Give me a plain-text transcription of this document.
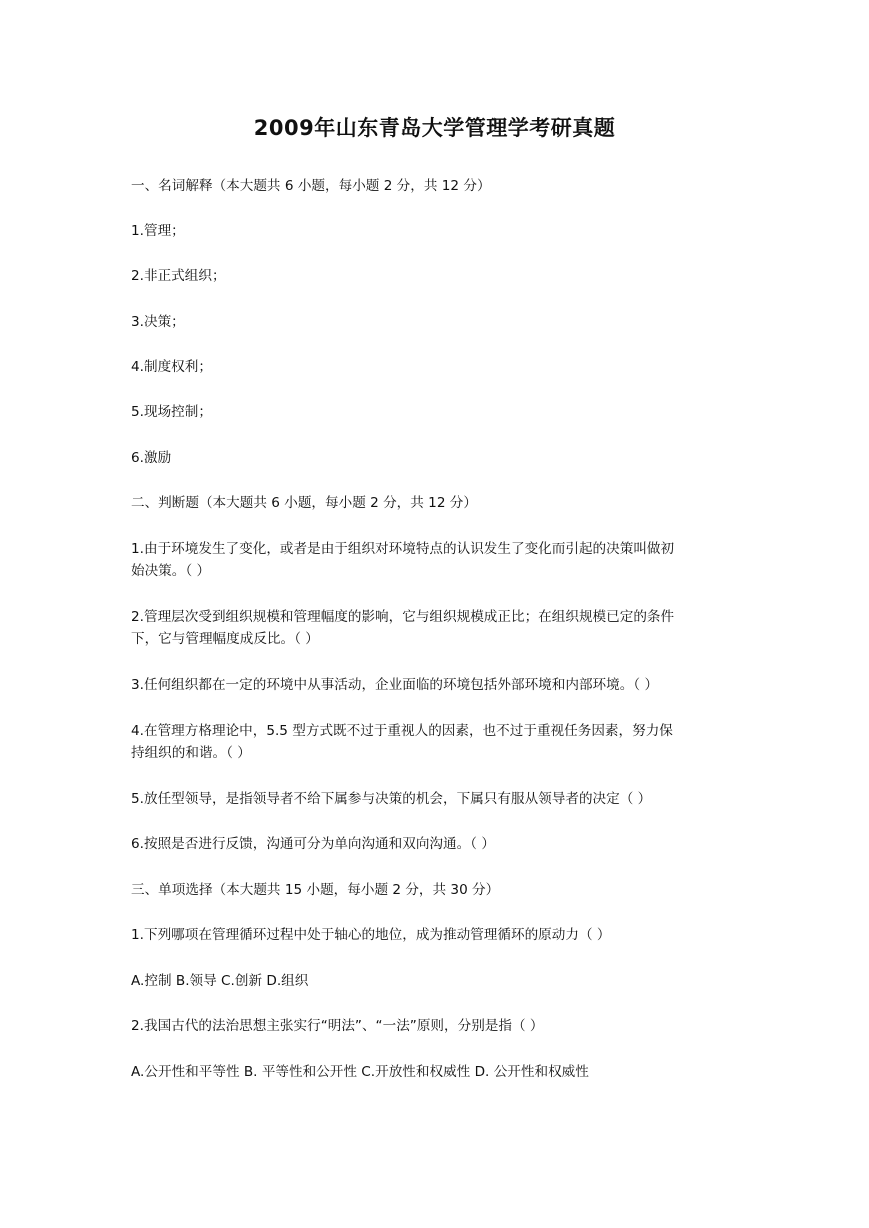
2009年山东青岛大学管理学考研真题
一、名词解释（本大题共 6 小题，每小题 2 分，共 12 分）
1.管理；
2.非正式组织；
3.决策；
4.制度权利；
5.现场控制；
6.激励
二、判断题（本大题共 6 小题，每小题 2 分，共 12 分）
1.由于环境发生了变化，或者是由于组织对环境特点的认识发生了变化而引起的决策叫做初
始决策。（ ）
2.管理层次受到组织规模和管理幅度的影响，它与组织规模成正比；在组织规模已定的条件
下，它与管理幅度成反比。（ ）
3.任何组织都在一定的环境中从事活动，企业面临的环境包括外部环境和内部环境。（ ）
4.在管理方格理论中，5.5 型方式既不过于重视人的因素，也不过于重视任务因素，努力保
持组织的和谐。（ ）
5.放任型领导，是指领导者不给下属参与决策的机会，下属只有服从领导者的决定（ ）
6.按照是否进行反馈，沟通可分为单向沟通和双向沟通。（ ）
三、单项选择（本大题共 15 小题，每小题 2 分，共 30 分）
1.下列哪项在管理循环过程中处于轴心的地位，成为推动管理循环的原动力（ ）
A.控制 B.领导 C.创新 D.组织
2.我国古代的法治思想主张实行“明法”、“一法”原则，分别是指（ ）
A.公开性和平等性 B. 平等性和公开性 C.开放性和权威性 D. 公开性和权威性
